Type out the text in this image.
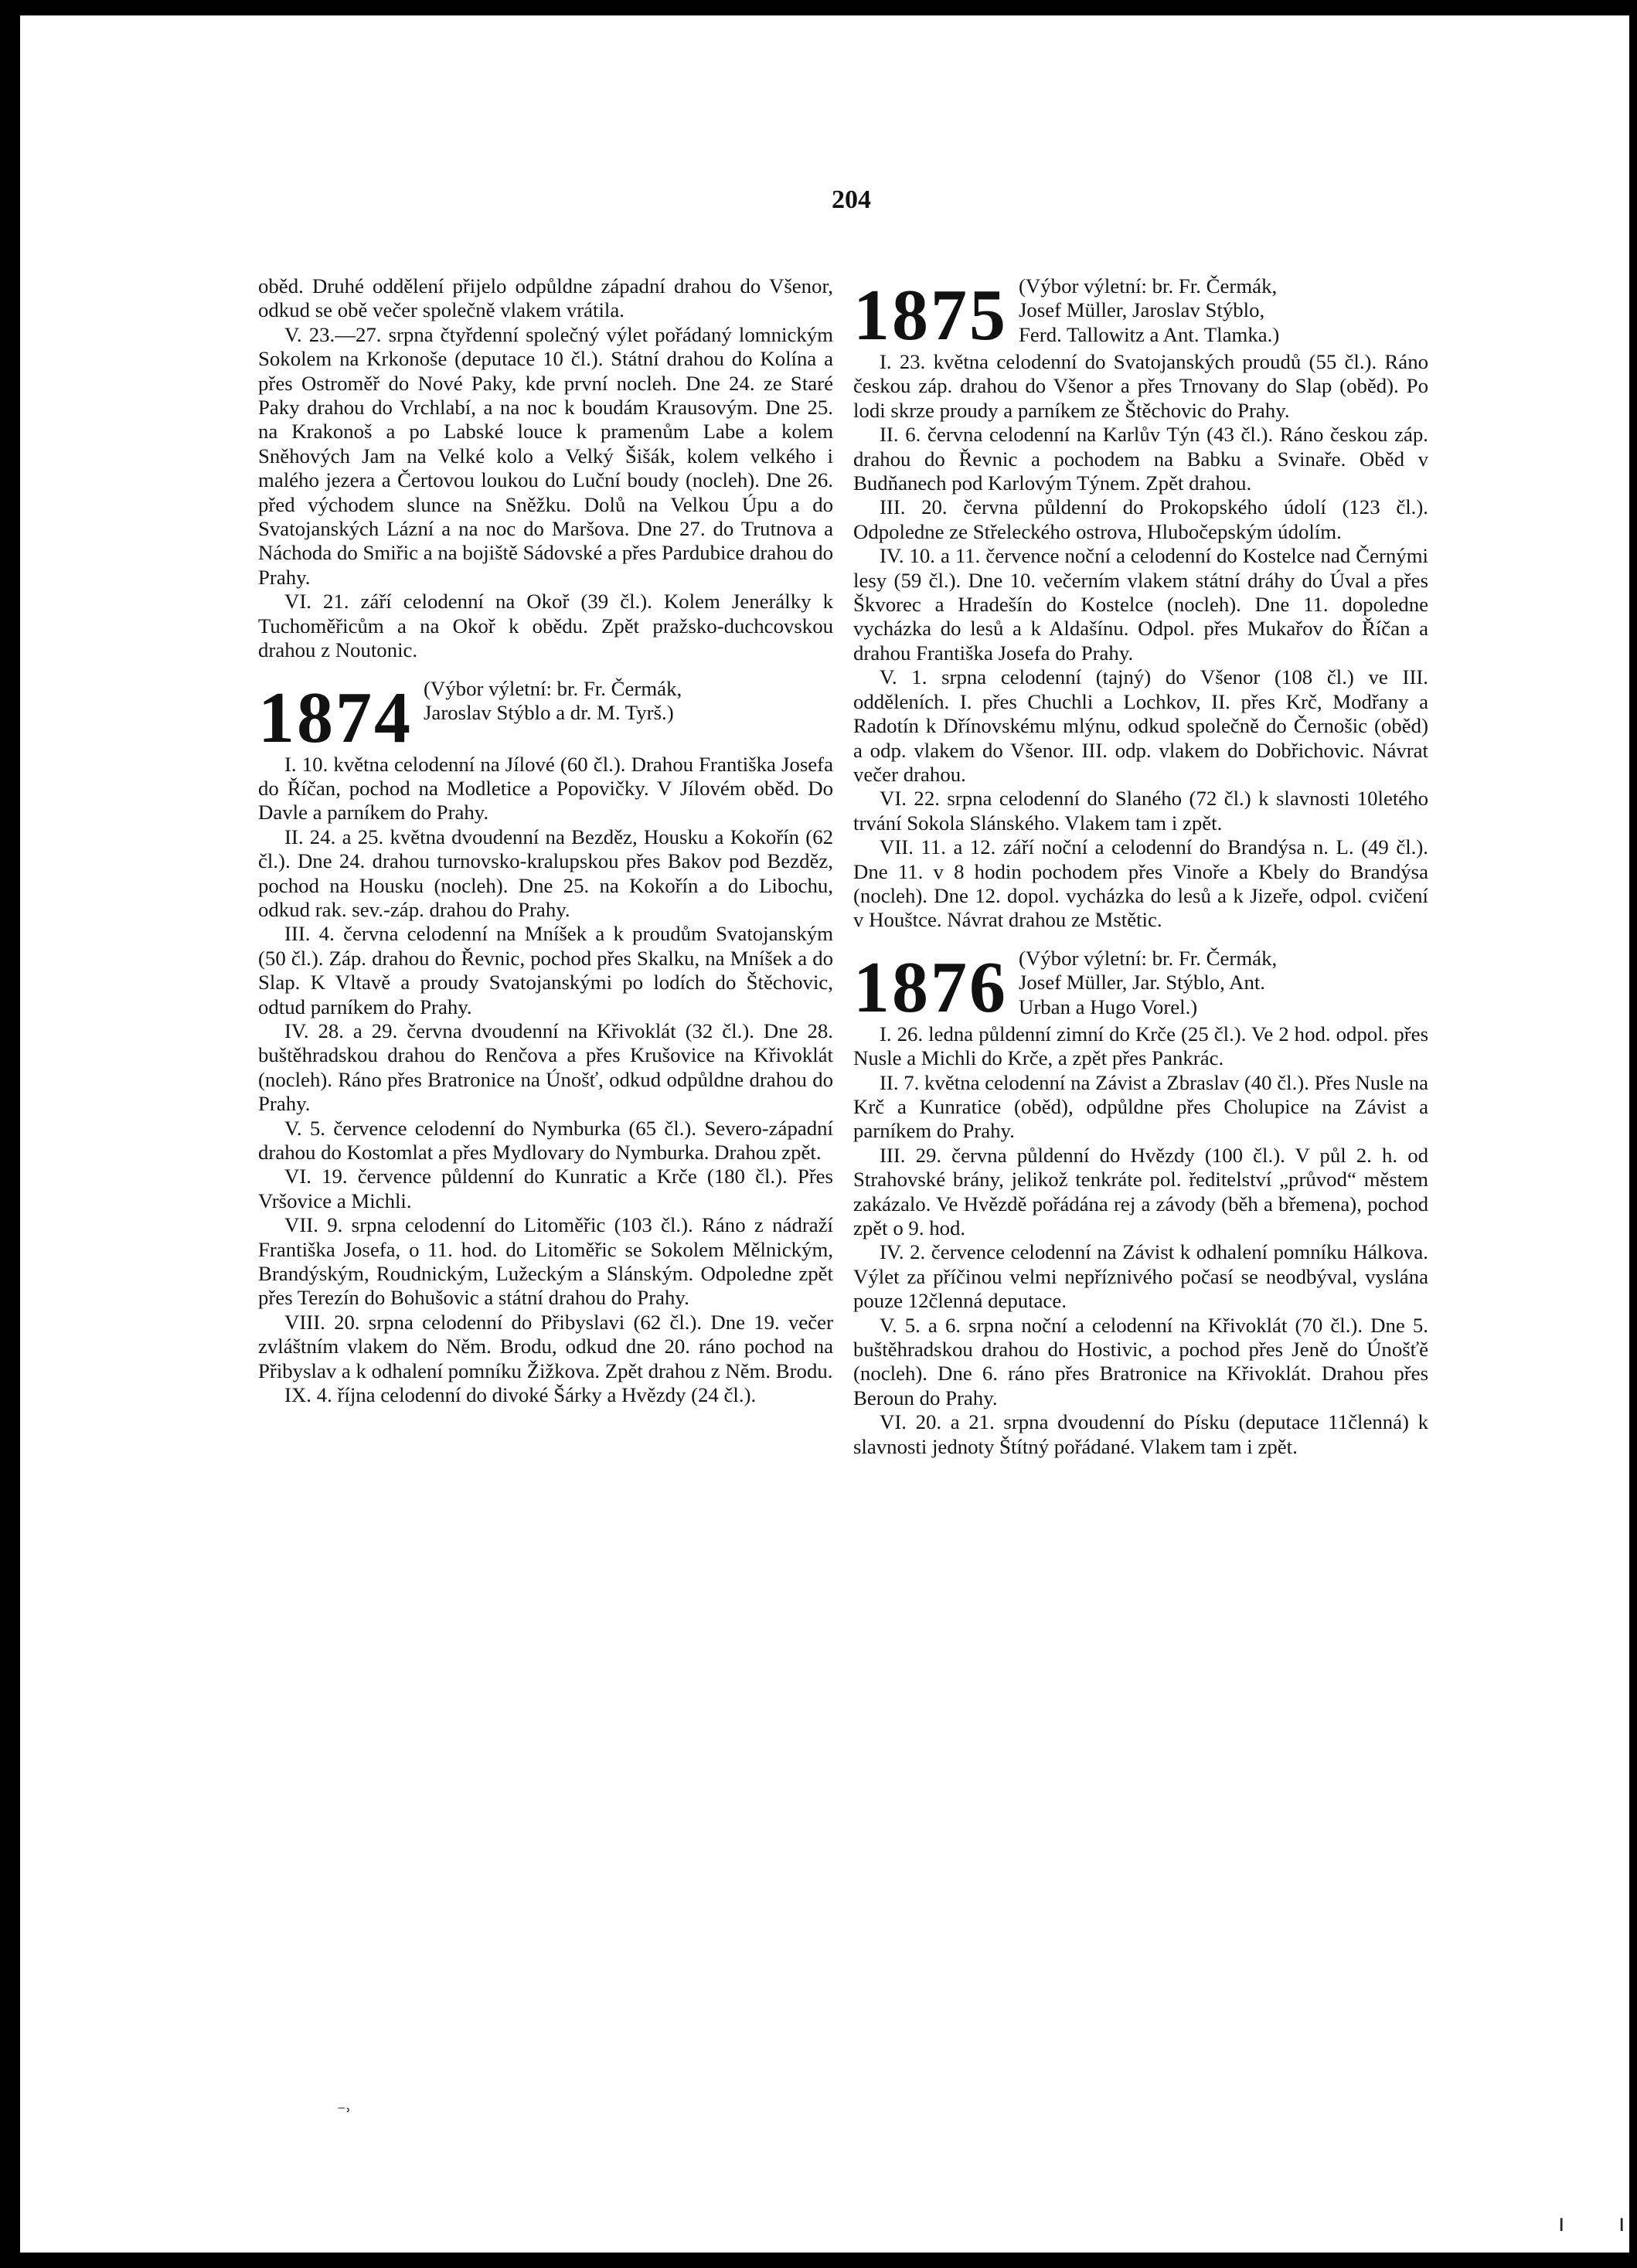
204

oběd. Druhé oddělení přijelo odpůldne západní drahou do Všenor, odkud se obě večer společně vlakem vrátila.

V. 23.—27. srpna čtyřdenní společný výlet pořádaný lomnickým Sokolem na Krkonoše (deputace 10 čl.). Státní drahou do Kolína a přes Ostroměř do Nové Paky, kde první nocleh. Dne 24. ze Staré Paky drahou do Vrchlabí, a na noc k boudám Krausovým. Dne 25. na Krakonoš a po Labské louce k pramenům Labe a kolem Sněhových Jam na Velké kolo a Velký Šišák, kolem velkého i malého jezera a Čertovou loukou do Luční boudy (nocleh). Dne 26. před východem slunce na Sněžku. Dolů na Velkou Úpu a do Svatojanských Lázní a na noc do Maršova. Dne 27. do Trutnova a Náchoda do Smiřic a na bojiště Sádovské a přes Pardubice drahou do Prahy.

VI. 21. září celodenní na Okoř (39 čl.). Kolem Jenerálky k Tuchoměřicům a na Okoř k obědu. Zpět pražsko-duchcovskou drahou z Noutonic.

1874 (Výbor výletní: br. Fr. Čermák,
Jaroslav Stýblo a dr. M. Tyrš.)

I. 10. května celodenní na Jílové (60 čl.). Drahou Františka Josefa do Říčan, pochod na Modletice a Popovičky. V Jílovém oběd. Do Davle a parníkem do Prahy.

II. 24. a 25. května dvoudenní na Bezděz, Housku a Kokořín (62 čl.). Dne 24. drahou turnovsko-kralupskou přes Bakov pod Bezděz, pochod na Housku (nocleh). Dne 25. na Kokořín a do Libochu, odkud rak. sev.-záp. drahou do Prahy.

III. 4. června celodenní na Mníšek a k proudům Svatojanským (50 čl.). Záp. drahou do Řevnic, pochod přes Skalku, na Mníšek a do Slap. K Vltavě a proudy Svatojanskými po lodích do Štěchovic, odtud parníkem do Prahy.

IV. 28. a 29. června dvoudenní na Křivoklát (32 čl.). Dne 28. buštěhradskou drahou do Renčova a přes Krušovice na Křivoklát (nocleh). Ráno přes Bratronice na Únošť, odkud odpůldne drahou do Prahy.

V. 5. července celodenní do Nymburka (65 čl.). Severo-západní drahou do Kostomlat a přes Mydlovary do Nymburka. Drahou zpět.

VI. 19. července půldenní do Kunratic a Krče (180 čl.). Přes Vršovice a Michli.

VII. 9. srpna celodenní do Litoměřic (103 čl.). Ráno z nádraží Františka Josefa, o 11. hod. do Litoměřic se Sokolem Mělnickým, Brandýským, Roudnickým, Lužeckým a Slánským. Odpoledne zpět přes Terezín do Bohušovic a státní drahou do Prahy.

VIII. 20. srpna celodenní do Přibyslavi (62 čl.). Dne 19. večer zvláštním vlakem do Něm. Brodu, odkud dne 20. ráno pochod na Přibyslav a k odhalení pomníku Žižkova. Zpět drahou z Něm. Brodu.

IX. 4. října celodenní do divoké Šárky a Hvězdy (24 čl.).

1875 (Výbor výletní: br. Fr. Čermák,
Josef Müller, Jaroslav Stýblo,
Ferd. Tallowitz a Ant. Tlamka.)

I. 23. května celodenní do Svatojanských proudů (55 čl.). Ráno českou záp. drahou do Všenor a přes Trnovany do Slap (oběd). Po lodi skrze proudy a parníkem ze Štěchovic do Prahy.

II. 6. června celodenní na Karlův Týn (43 čl.). Ráno českou záp. drahou do Řevnic a pochodem na Babku a Svinaře. Oběd v Budňanech pod Karlovým Týnem. Zpět drahou.

III. 20. června půldenní do Prokopského údolí (123 čl.). Odpoledne ze Střeleckého ostrova, Hlubočepským údolím.

IV. 10. a 11. července noční a celodenní do Kostelce nad Černými lesy (59 čl.). Dne 10. večerním vlakem státní dráhy do Úval a přes Škvorec a Hradešín do Kostelce (nocleh). Dne 11. dopoledne vycházka do lesů a k Aldašínu. Odpol. přes Mukařov do Říčan a drahou Františka Josefa do Prahy.

V. 1. srpna celodenní (tajný) do Všenor (108 čl.) ve III. odděleních. I. přes Chuchli a Lochkov, II. přes Krč, Modřany a Radotín k Dřínovskému mlýnu, odkud společně do Černošic (oběd) a odp. vlakem do Všenor. III. odp. vlakem do Dobřichovic. Návrat večer drahou.

VI. 22. srpna celodenní do Slaného (72 čl.) k slavnosti 10letého trvání Sokola Slánského. Vlakem tam i zpět.

VII. 11. a 12. září noční a celodenní do Brandýsa n. L. (49 čl.). Dne 11. v 8 hodin pochodem přes Vinoře a Kbely do Brandýsa (nocleh). Dne 12. dopol. vycházka do lesů a k Jizeře, odpol. cvičení v Houštce. Návrat drahou ze Mstětic.

1876 (Výbor výletní: br. Fr. Čermák,
Josef Müller, Jar. Stýblo, Ant.
Urban a Hugo Vorel.)

I. 26. ledna půldenní zimní do Krče (25 čl.). Ve 2 hod. odpol. přes Nusle a Michli do Krče, a zpět přes Pankrác.

II. 7. května celodenní na Závist a Zbraslav (40 čl.). Přes Nusle na Krč a Kunratice (oběd), odpůldne přes Cholupice na Závist a parníkem do Prahy.

III. 29. června půldenní do Hvězdy (100 čl.). V půl 2. h. od Strahovské brány, jelikož tenkráte pol. ředitelství „průvod“ městem zakázalo. Ve Hvězdě pořádána rej a závody (běh a břemena), pochod zpět o 9. hod.

IV. 2. července celodenní na Závist k odhalení pomníku Hálkova. Výlet za příčinou velmi nepříznivého počasí se neodbýval, vyslána pouze 12členná deputace.

V. 5. a 6. srpna noční a celodenní na Křivoklát (70 čl.). Dne 5. buštěhradskou drahou do Hostivic, a pochod přes Jeně do Únošťě (nocleh). Dne 6. ráno přes Bratronice na Křivoklát. Drahou přes Beroun do Prahy.

VI. 20. a 21. srpna dvoudenní do Písku (deputace 11členná) k slavnosti jednoty Štítný pořádané. Vlakem tam i zpět.

⁻˒
ı ı
